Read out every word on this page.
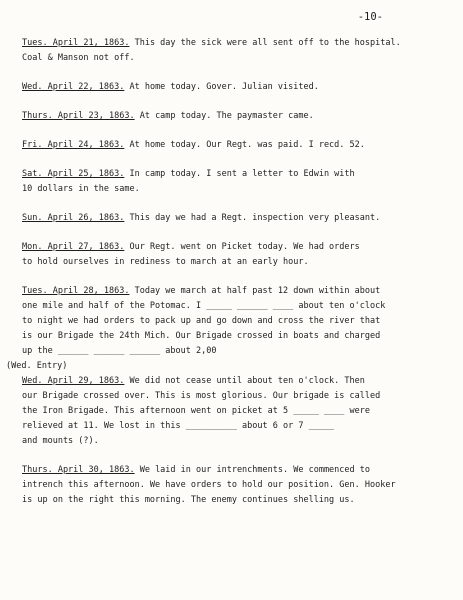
-10-
Tues. April 21, 1863. This day the sick were all sent off to the hospital.
Coal & Manson not off.
Wed. April 22, 1863. At home today. Gover. Julian visited.
Thurs. April 23, 1863. At camp today. The paymaster came.
Fri. April 24, 1863. At home today. Our Regt. was paid. I recd. 52.
Sat. April 25, 1863. In camp today. I sent a letter to Edwin with
10 dollars in the same.
Sun. April 26, 1863. This day we had a Regt. inspection very pleasant.
Mon. April 27, 1863. Our Regt. went on Picket today. We had orders
to hold ourselves in rediness to march at an early hour.
Tues. April 28, 1863. Today we march at half past 12 down within about
one mile and half of the Potomac. I _____ ______ ____ about ten o'clock
to night we had orders to pack up and go down and cross the river that
is our Brigade the 24th Mich. Our Brigade crossed in boats and charged
up the ______ ______ ______ about 2,00
(Wed. Entry)
Wed. April 29, 1863. We did not cease until about ten o'clock. Then
our Brigade crossed over. This is most glorious. Our brigade is called
the Iron Brigade. This afternoon went on picket at 5 _____ ____ were
relieved at 11. We lost in this __________ about 6 or 7 _____
and mounts (?).
Thurs. April 30, 1863. We laid in our intrenchments. We commenced to
intrench this afternoon. We have orders to hold our position. Gen. Hooker
is up on the right this morning. The enemy continues shelling us.
